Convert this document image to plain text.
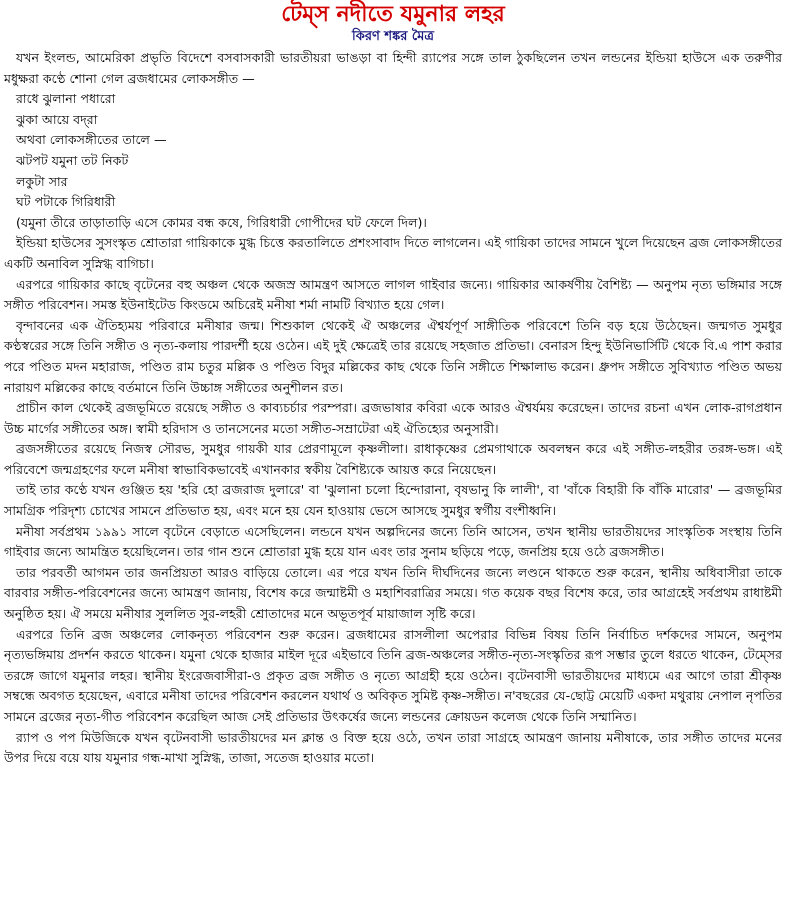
টেম্‌স নদীতে যমুনার লহর
কিরণ শঙ্কর মৈত্র

যখন ইংলন্ড, আমেরিকা প্রভৃতি বিদেশে বসবাসকারী ভারতীয়রা ভাঙড়া বা হিন্দী র‍্যাপের সঙ্গে তাল ঠুকছিলেন তখন লন্ডনের ইন্ডিয়া হাউসে এক তরুণীর মধুক্ষরা কণ্ঠে শোনা গেল ব্রজধামের লোকসঙ্গীত —

রাধে ঝুলানা পধারো

ঝুকা আয়ে বদ্‌রা

অথবা লোকসঙ্গীতের তালে —

ঝটপট যমুনা তট নিকট

লকুটা সার

ঘট পটাকে গিরিধারী

(যমুনা তীরে তাড়াতাড়ি এসে কোমর বন্ধ কষে, গিরিধারী গোপীদের ঘট ফেলে দিল)।

ইন্ডিয়া হাউসের সুসংস্কৃত শ্রোতারা গায়িকাকে মুগ্ধ চিত্তে করতালিতে প্রশংসাবাদ দিতে লাগলেন। এই গায়িকা তাদের সামনে খুলে দিয়েছেন ব্রজ লোকসঙ্গীতের একটি অনাবিল সুস্নিগ্ধ বাগিচা।

এরপরে গায়িকার কাছে বৃটেনের বহু অঞ্চল থেকে অজস্র আমন্ত্রণ আসতে লাগল গাইবার জন্যে। গায়িকার আকর্ষণীয় বৈশিষ্ট্য — অনুপম নৃত্য ভঙ্গিমার সঙ্গে সঙ্গীত পরিবেশন। সমস্ত ইউনাইটেড কিংডমে অচিরেই মনীষা শর্মা নামটি বিখ্যাত হয়ে গেল।

বৃন্দাবনের এক ঐতিহ্যময় পরিবারে মনীষার জন্ম। শিশুকাল থেকেই ঐ অঞ্চলের ঐশ্বর্যপূর্ণ সাঙ্গীতিক পরিবেশে তিনি বড় হয়ে উঠেছেন। জন্মগত সুমধুর কণ্ঠস্বরের সঙ্গে তিনি সঙ্গীত ও নৃত্য-কলায় পারদর্শী হয়ে ওঠেন। এই দুই ক্ষেত্রেই তার রয়েছে সহজাত প্রতিভা। বেনারস হিন্দু ইউনিভার্সিটি থেকে বি.এ পাশ করার পরে পণ্ডিত মদন মহারাজ, পণ্ডিত রাম চতুর মল্লিক ও পণ্ডিত বিদুর মল্লিকের কাছ থেকে তিনি সঙ্গীতে শিক্ষালাভ করেন। ধ্রুপদ সঙ্গীতে সুবিখ্যাত পণ্ডিত অভয় নারায়ণ মল্লিকের কাছে বর্তমানে তিনি উচ্চাঙ্গ সঙ্গীতের অনুশীলন রত।

প্রাচীন কাল থেকেই ব্রজভূমিতে রয়েছে সঙ্গীত ও কাব্যচর্চার পরম্পরা। ব্রজভাষার কবিরা একে আরও ঐশ্বর্যময় করেছেন। তাদের রচনা এখন লোক-রাগপ্রধান উচ্চ মার্গের সঙ্গীতের অঙ্গ। স্বামী হরিদাস ও তানসেনের মতো সঙ্গীত-সম্রাটেরা এই ঐতিহ্যের অনুসারী।

ব্রজসঙ্গীতের রয়েছে নিজস্ব সৌরভ, সুমধুর গায়কী যার প্রেরণামূলে কৃষ্ণলীলা। রাধাকৃষ্ণের প্রেমগাথাকে অবলম্বন করে এই সঙ্গীত-লহরীর তরঙ্গ-ভঙ্গ। এই পরিবেশে জন্মগ্রহণের ফলে মনীষা স্বাভাবিকভাবেই এখানকার স্বকীয় বৈশিষ্ট্যকে আয়ত্ত করে নিয়েছেন।

তাই তার কণ্ঠে যখন গুঞ্জিত হয় 'হরি হো ব্রজরাজ দুলারে' বা 'ঝুলানা চলো হিন্দোরানা, বৃষভানু কি লালী', বা 'বাঁকে বিহারী কি বাঁকি মারোর' — ব্রজভূমির সামগ্রিক পরিদৃশ্য চোখের সামনে প্রতিভাত হয়, এবং মনে হয় যেন হাওয়ায় ভেসে আসছে সুমধুর স্বর্গীয় বংশীধ্বনি।

মনীষা সর্বপ্রথম ১৯৯১ সালে বৃটেনে বেড়াতে এসেছিলেন। লন্ডনে যখন অল্পদিনের জন্যে তিনি আসেন, তখন স্থানীয় ভারতীয়দের সাংস্কৃতিক সংস্থায় তিনি গাইবার জন্যে আমন্ত্রিত হয়েছিলেন। তার গান শুনে শ্রোতারা মুগ্ধ হয়ে যান এবং তার সুনাম ছড়িয়ে পড়ে, জনপ্রিয় হয়ে ওঠে ব্রজসঙ্গীত।

তার পরবর্তী আগমন তার জনপ্রিয়তা আরও বাড়িয়ে তোলে। এর পরে যখন তিনি দীর্ঘদিনের জন্যে লণ্ডনে থাকতে শুরু করেন, স্থানীয় অধিবাসীরা তাকে বারবার সঙ্গীত-পরিবেশনের জন্যে আমন্ত্রণ জানায়, বিশেষ করে জন্মাষ্টমী ও মহাশিবরাত্রির সময়ে। গত কয়েক বছর বিশেষ করে, তার আগ্রহেই সর্বপ্রথম রাধাষ্টমী অনুষ্ঠিত হয়। ঐ সময়ে মনীষার সুললিত সুর-লহরী শ্রোতাদের মনে অভূতপূর্ব মায়াজাল সৃষ্টি করে।

এরপরে তিনি ব্রজ অঞ্চলের লোকনৃত্য পরিবেশন শুরু করেন। ব্রজধামের রাসলীলা অপেরার বিভিন্ন বিষয় তিনি নির্বাচিত দর্শকদের সামনে, অনুপম নৃত্যভঙ্গিমায় প্রদর্শন করতে থাকেন। যমুনা থেকে হাজার মাইল দূরে এইভাবে তিনি ব্রজ-অঞ্চলের সঙ্গীত-নৃত্য-সংস্কৃতির রূপ সম্ভার তুলে ধরতে থাকেন, টেম্সের তরঙ্গে জাগে যমুনার লহর। স্থানীয় ইংরেজবাসীরা-ও প্রকৃত ব্রজ সঙ্গীত ও নৃত্যে আগ্রহী হয়ে ওঠেন। বৃটেনবাসী ভারতীয়দের মাধ্যমে এর আগে তারা শ্রীকৃষ্ণ সম্বন্ধে অবগত হয়েছেন, এবারে মনীষা তাদের পরিবেশন করলেন যথার্থ ও অবিকৃত সুমিষ্ট কৃষ্ণ-সঙ্গীত। ন'বছরের যে-ছোট্ট মেয়েটি একদা মথুরায় নেপাল নৃপতির সামনে ব্রজের নৃত্য-গীত পরিবেশন করেছিল আজ সেই প্রতিভার উৎকর্ষের জন্যে লন্ডনের ক্রোয়ডন কলেজ থেকে তিনি সম্মানিত।

র‍্যাপ ও পপ মিউজিকে যখন বৃটেনবাসী ভারতীয়দের মন ক্লান্ত ও বিক্ত হয়ে ওঠে, তখন তারা সাগ্রহে আমন্ত্রণ জানায় মনীষাকে, তার সঙ্গীত তাদের মনের উপর দিয়ে বয়ে যায় যমুনার গন্ধ-মাখা সুস্নিগ্ধ, তাজা, সতেজ হাওয়ার মতো।
